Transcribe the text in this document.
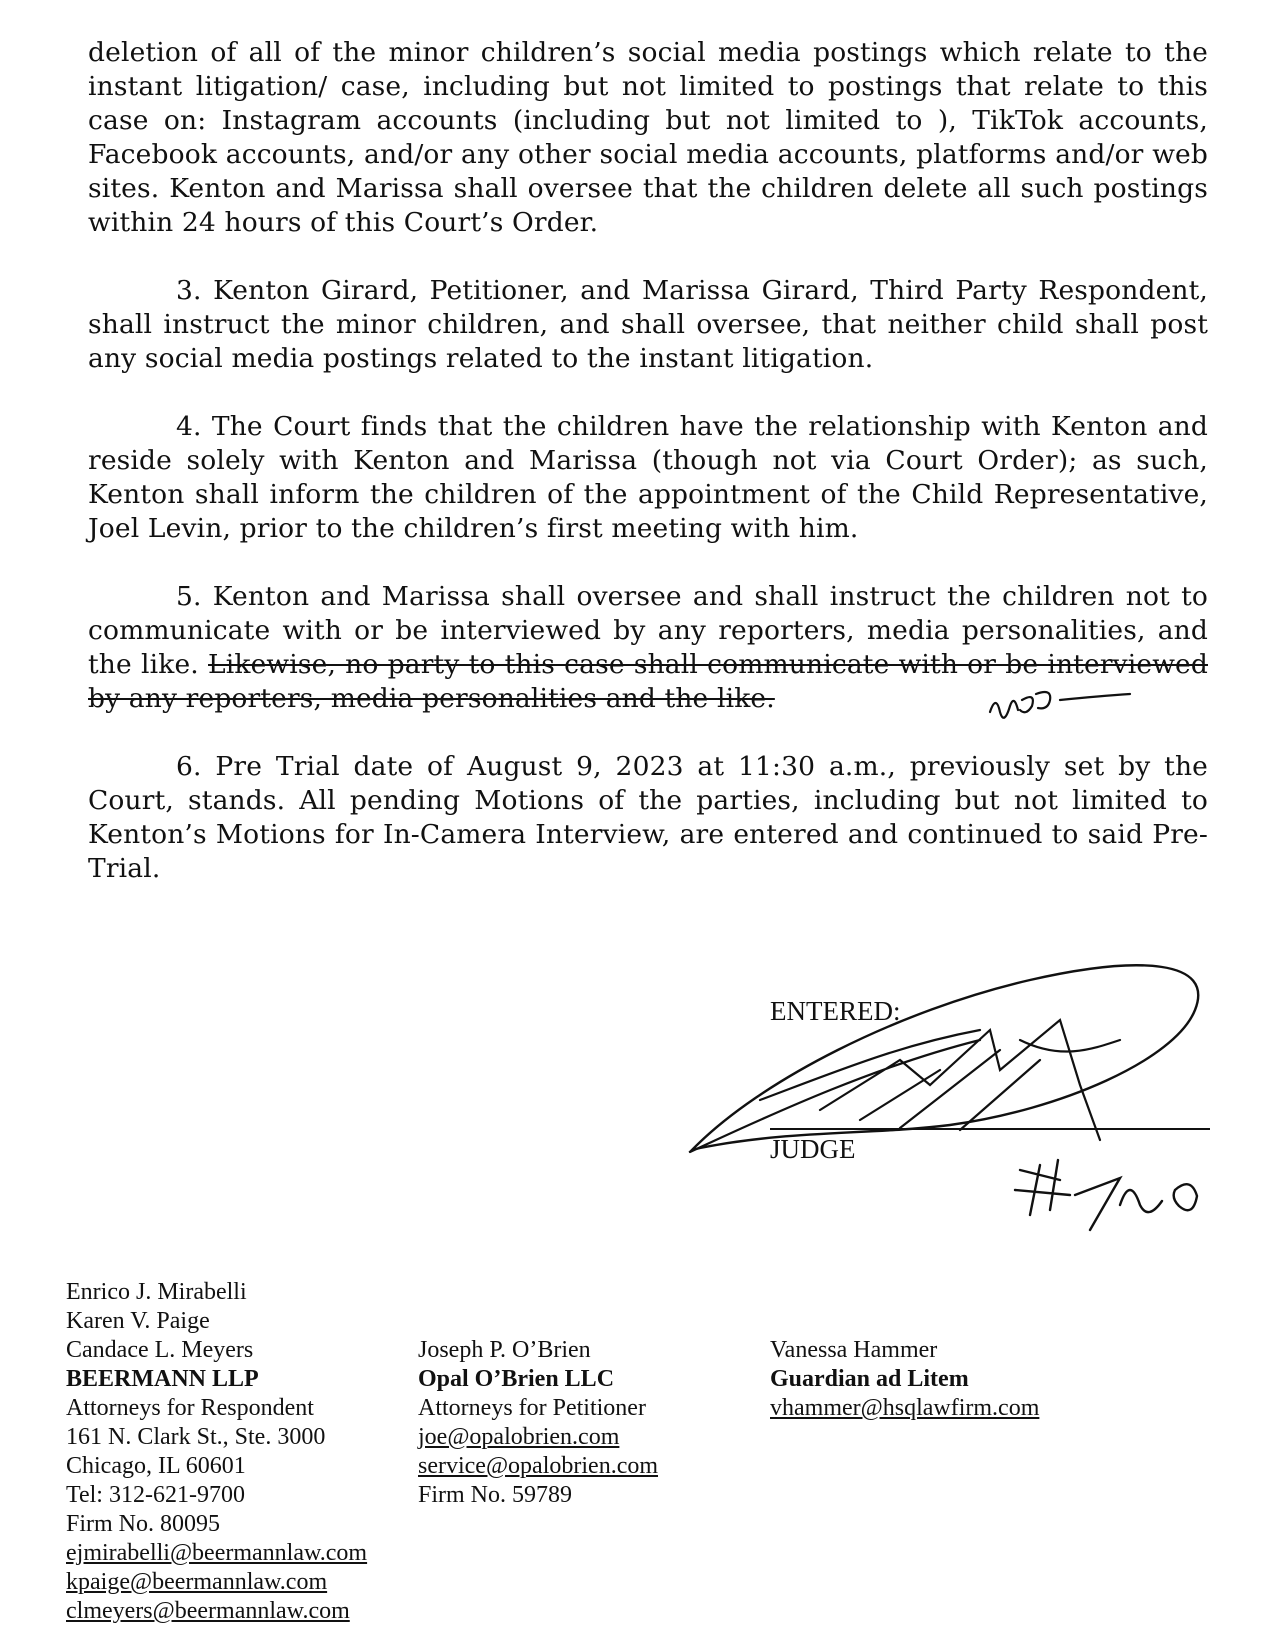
deletion of all of the minor children’s social media postings which relate to the instant litigation/ case, including but not limited to postings that relate to this case on: Instagram accounts (including but not limited to ), TikTok accounts, Facebook accounts, and/or any other social media accounts, platforms and/or web sites. Kenton and Marissa shall oversee that the children delete all such postings within 24 hours of this Court’s Order.

3. Kenton Girard, Petitioner, and Marissa Girard, Third Party Respondent, shall instruct the minor children, and shall oversee, that neither child shall post any social media postings related to the instant litigation.

4. The Court finds that the children have the relationship with Kenton and reside solely with Kenton and Marissa (though not via Court Order); as such, Kenton shall inform the children of the appointment of the Child Representative, Joel Levin, prior to the children’s first meeting with him.

5. Kenton and Marissa shall oversee and shall instruct the children not to communicate with or be interviewed by any reporters, media personalities, and the like. Likewise, no party to this case shall communicate with or be interviewed by any reporters, media personalities and the like.

6. Pre Trial date of August 9, 2023 at 11:30 a.m., previously set by the Court, stands. All pending Motions of the parties, including but not limited to Kenton’s Motions for In-Camera Interview, are entered and continued to said Pre-Trial.

ENTERED:
JUDGE
Enrico J. Mirabelli
Karen V. Paige
Candace L. Meyers
BEERMANN LLP
Attorneys for Respondent
161 N. Clark St., Ste. 3000
Chicago, IL 60601
Tel: 312-621-9700
Firm No. 80095
ejmirabelli@beermannlaw.com
kpaige@beermannlaw.com
clmeyers@beermannlaw.com
Joseph P. O’Brien
Opal O’Brien LLC
Attorneys for Petitioner
joe@opalobrien.com
service@opalobrien.com
Firm No. 59789
Vanessa Hammer
Guardian ad Litem
vhammer@hsqlawfirm.com
